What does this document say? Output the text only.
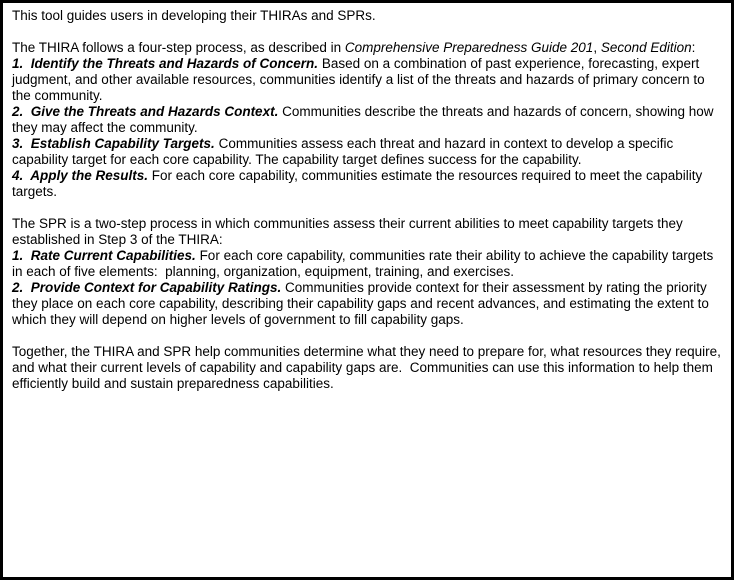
This tool guides users in developing their THIRAs and SPRs.

The THIRA follows a four-step process, as described in Comprehensive Preparedness Guide 201, Second Edition:

1.  Identify the Threats and Hazards of Concern. Based on a combination of past experience, forecasting, expert judgment, and other available resources, communities identify a list of the threats and hazards of primary concern to the community.

2.  Give the Threats and Hazards Context. Communities describe the threats and hazards of concern, showing how they may affect the community.

3.  Establish Capability Targets. Communities assess each threat and hazard in context to develop a specific capability target for each core capability. The capability target defines success for the capability.

4.  Apply the Results. For each core capability, communities estimate the resources required to meet the capability targets.

The SPR is a two-step process in which communities assess their current abilities to meet capability targets they established in Step 3 of the THIRA:

1.  Rate Current Capabilities. For each core capability, communities rate their ability to achieve the capability targets in each of five elements:  planning, organization, equipment, training, and exercises.

2.  Provide Context for Capability Ratings. Communities provide context for their assessment by rating the priority they place on each core capability, describing their capability gaps and recent advances, and estimating the extent to which they will depend on higher levels of government to fill capability gaps.

Together, the THIRA and SPR help communities determine what they need to prepare for, what resources they require, and what their current levels of capability and capability gaps are.  Communities can use this information to help them efficiently build and sustain preparedness capabilities.
